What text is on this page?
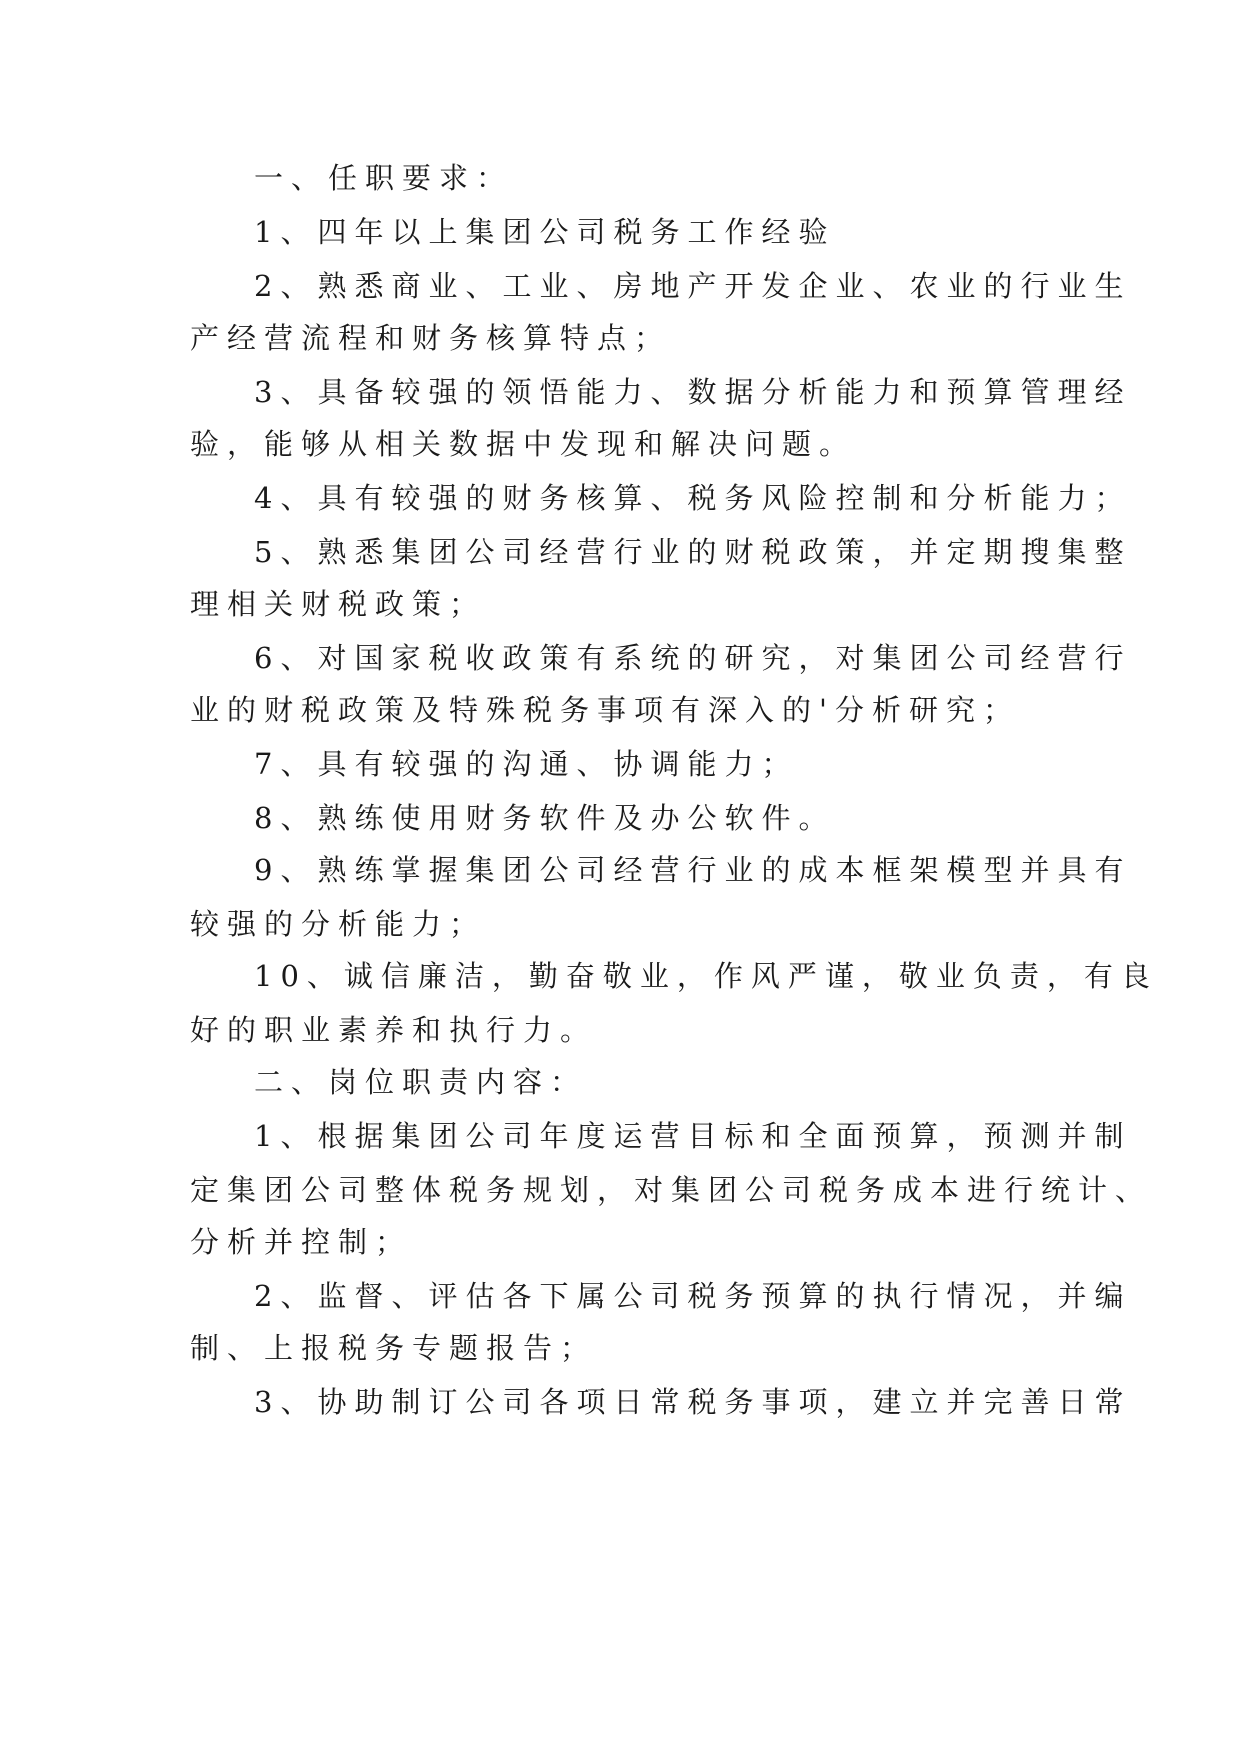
一、任职要求：
1、四年以上集团公司税务工作经验
2、熟悉商业、工业、房地产开发企业、农业的行业生
产经营流程和财务核算特点；
3、具备较强的领悟能力、数据分析能力和预算管理经
验，能够从相关数据中发现和解决问题。
4、具有较强的财务核算、税务风险控制和分析能力；
5、熟悉集团公司经营行业的财税政策，并定期搜集整
理相关财税政策；
6、对国家税收政策有系统的研究，对集团公司经营行
业的财税政策及特殊税务事项有深入的'分析研究；
7、具有较强的沟通、协调能力；
8、熟练使用财务软件及办公软件。
9、熟练掌握集团公司经营行业的成本框架模型并具有
较强的分析能力；
10、诚信廉洁，勤奋敬业，作风严谨，敬业负责，有良
好的职业素养和执行力。
二、岗位职责内容：
1、根据集团公司年度运营目标和全面预算，预测并制
定集团公司整体税务规划，对集团公司税务成本进行统计、
分析并控制；
2、监督、评估各下属公司税务预算的执行情况，并编
制、上报税务专题报告；
3、协助制订公司各项日常税务事项，建立并完善日常
